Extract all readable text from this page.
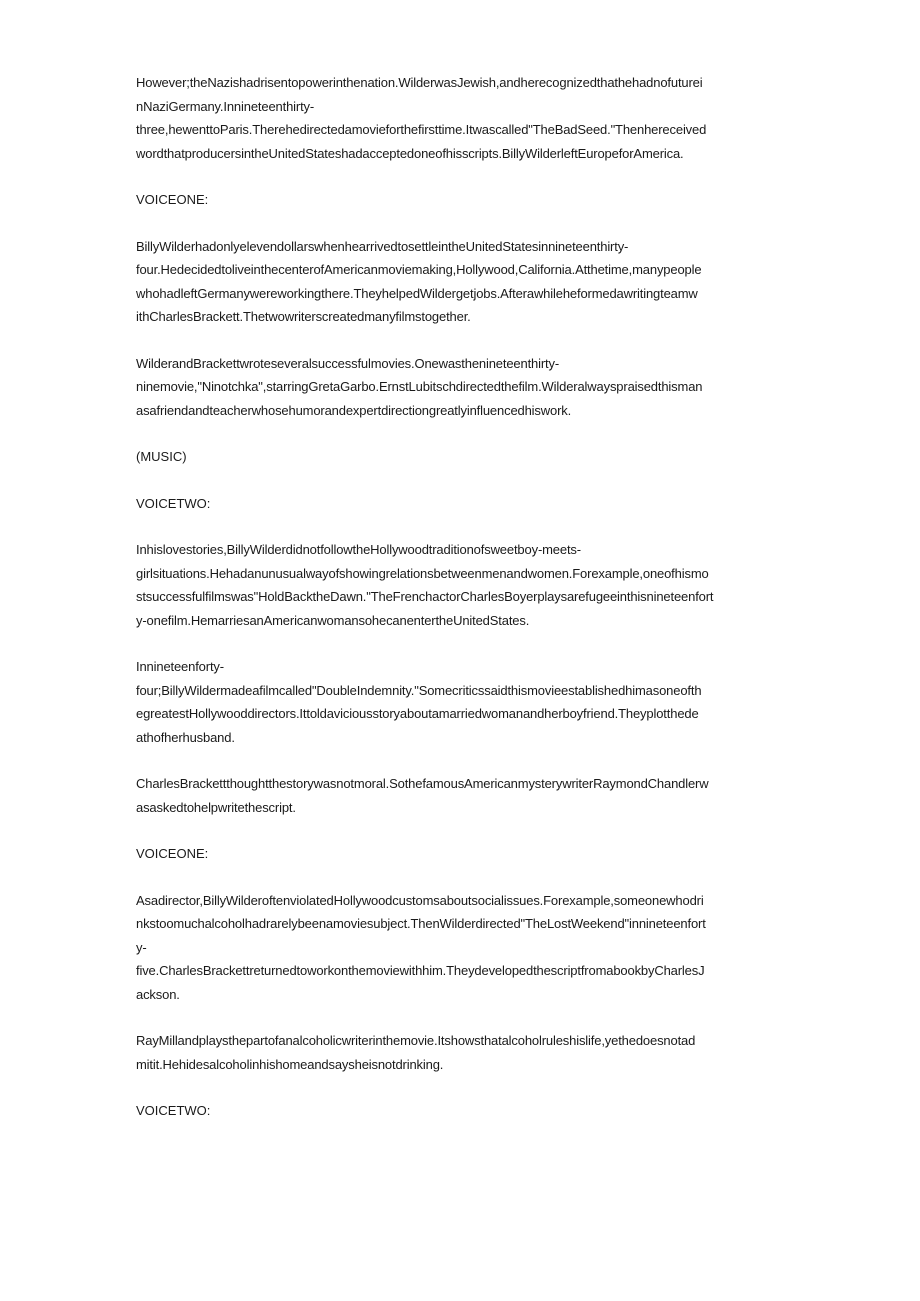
However;theNazishadrisentopowerinthenation.WilderwasJewish,andherecognizedthathehadnofuturei
nNaziGermany.Innineteenthirty-
three,hewenttoParis.Therehedirectedamovieforthefirsttime.Itwascalled"TheBadSeed."Thenhereceived
wordthatproducersintheUnitedStateshadacceptedoneofhisscripts.BillyWilderleftEuropeforAmerica.
VOICEONE:
BillyWilderhadonlyelevendollarswhenhearrivedtosettleintheUnitedStatesinnineteenthirty-
four.HedecidedtoliveinthecenterofAmericanmoviemaking,Hollywood,California.Atthetime,manypeople
whohadleftGermanywereworkingthere.TheyhelpedWildergetjobs.Afterawhileheformedawritingteamw
ithCharlesBrackett.Thetwowriterscreatedmanyfilmstogether.
WilderandBrackettwroteseveralsuccessfulmovies.Onewasthenineteenthirty-
ninemovie,"Ninotchka",starringGretaGarbo.ErnstLubitschdirectedthefilm.Wilderalwayspraisedthisman
asafriendandteacherwhosehumorandexpertdirectiongreatlyinfluencedhiswork.
(MUSIC)
VOICETWO:
Inhislovestories,BillyWilderdidnotfollowtheHollywoodtraditionofsweetboy-meets-
girlsituations.Hehadanunusualwayofshowingrelationsbetweenmenandwomen.Forexample,oneofhismo
stsuccessfulfilmswas"HoldBacktheDawn."TheFrenchactorCharlesBoyerplaysarefugeeinthisnineteenfort
y-onefilm.HemarriesanAmericanwomansohecanentertheUnitedStates.
Innineteenforty-
four;BillyWildermadeafilmcalled"DoubleIndemnity."Somecriticssaidthismovieestablishedhimasoneofth
egreatestHollywooddirectors.Ittoldaviciousstoryaboutamarriedwomanandherboyfriend.Theyplotthede
athofherhusband.
CharlesBrackettthoughtthestorywasnotmoral.SothefamousAmericanmysterywriterRaymondChandlerw
asaskedtohelpwritethescript.
VOICEONE:
Asadirector,BillyWilderoftenviolatedHollywoodcustomsaboutsocialissues.Forexample,someonewhodri
nkstoomuchalcoholhadrarelybeenamoviesubject.ThenWilderdirected"TheLostWeekend"innineteenfort
y-
five.CharlesBrackettreturnedtoworkonthemoviewithhim.TheydevelopedthescriptfromabookbyCharlesJ
ackson.
RayMillandplaysthepartofanalcoholicwriterinthemovie.Itshowsthatalcoholruleshislife,yethedoesnotad
mitit.Hehidesalcoholinhishomeandsaysheisnotdrinking.
VOICETWO:
